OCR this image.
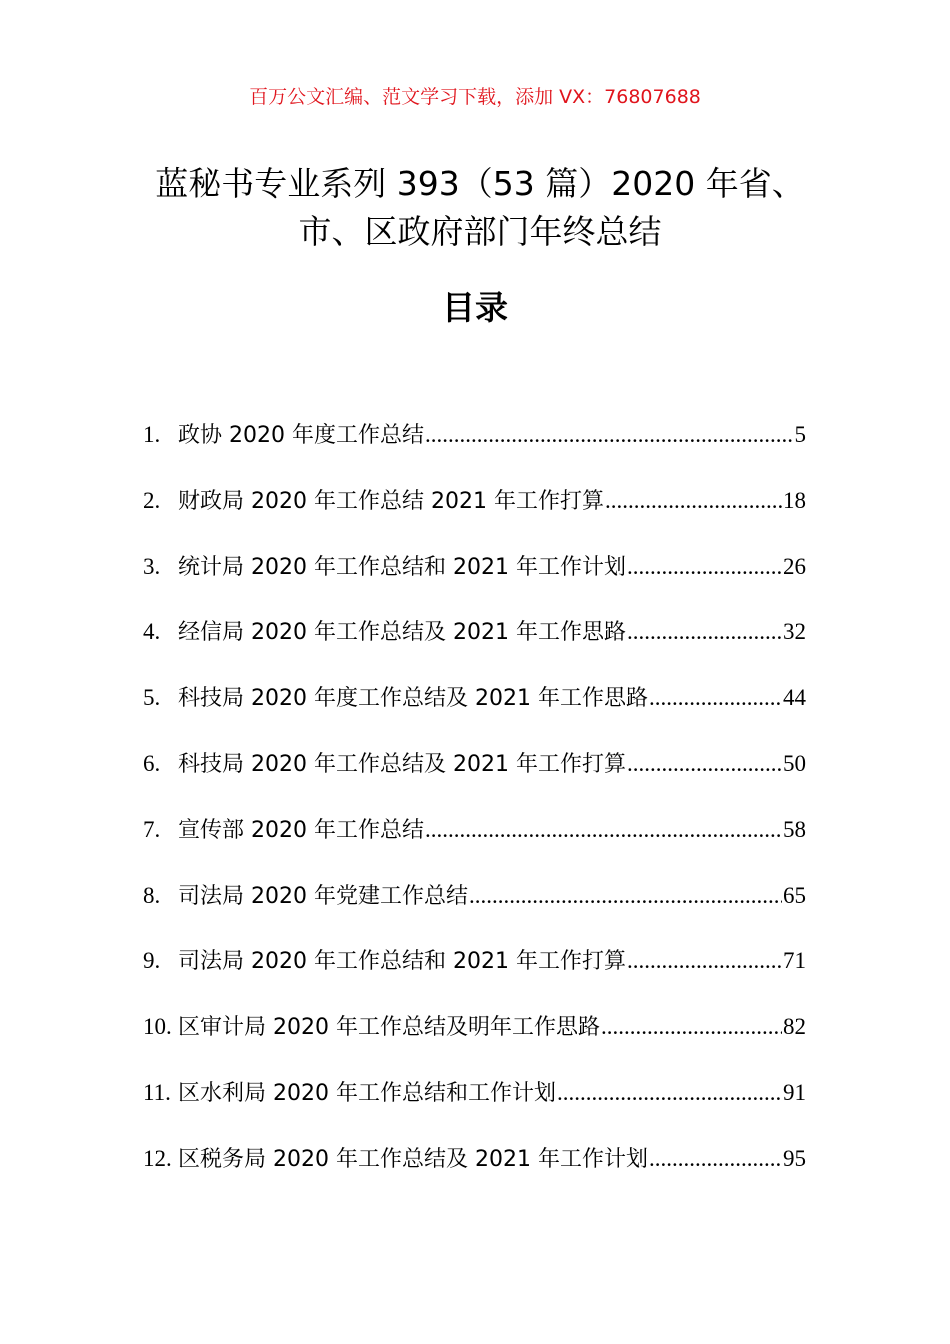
百万公文汇编、范文学习下载，添加 VX：76807688
蓝秘书专业系列 393（53 篇）2020 年省、
市、区政府部门年终总结
目录
1. 政协 2020 年度工作总结 .....	5
2. 财政局 2020 年工作总结 2021 年工作打算 .....	18
3. 统计局 2020 年工作总结和 2021 年工作计划 .....	26
4. 经信局 2020 年工作总结及 2021 年工作思路 .....	32
5. 科技局 2020 年度工作总结及 2021 年工作思路 .....	44
6. 科技局 2020 年工作总结及 2021 年工作打算 .....	50
7. 宣传部 2020 年工作总结 .....	58
8. 司法局 2020 年党建工作总结 .....	65
9. 司法局 2020 年工作总结和 2021 年工作打算 .....	71
10. 区审计局 2020 年工作总结及明年工作思路 .....	82
11. 区水利局 2020 年工作总结和工作计划 .....	91
12. 区税务局 2020 年工作总结及 2021 年工作计划 .....	95
